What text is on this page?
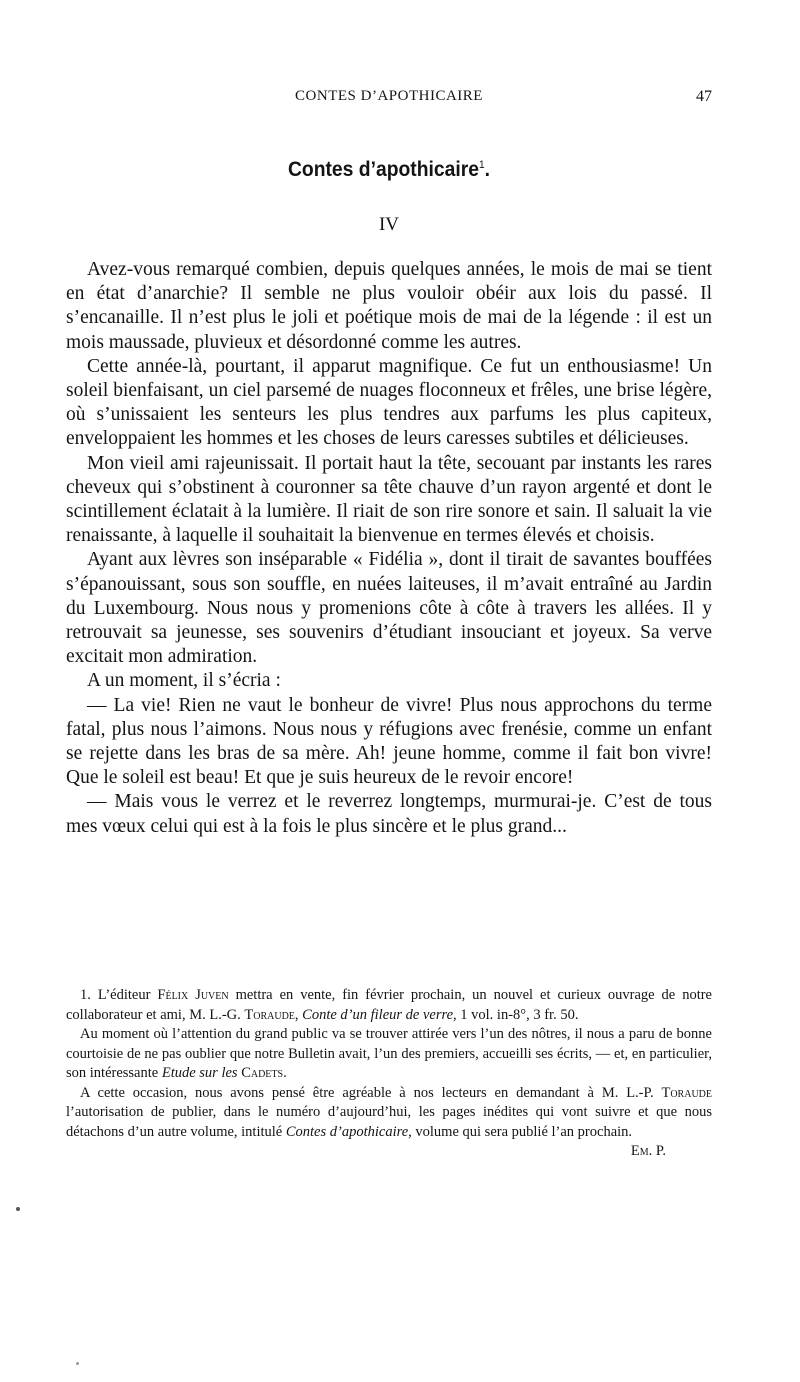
CONTES D’APOTHICAIRE	47
Contes d’apothicaire$^1$.
IV

Avez-vous remarqué combien, depuis quelques années, le mois de mai se tient en état d’anarchie? Il semble ne plus vouloir obéir aux lois du passé. Il s’encanaille. Il n’est plus le joli et poétique mois de mai de la légende : il est un mois maussade, pluvieux et désordonné comme les autres.

Cette année-là, pourtant, il apparut magnifique. Ce fut un enthousiasme! Un soleil bienfaisant, un ciel parsemé de nuages floconneux et frêles, une brise légère, où s’unissaient les senteurs les plus tendres aux parfums les plus capiteux, enveloppaient les hommes et les choses de leurs caresses subtiles et délicieuses.

Mon vieil ami rajeunissait. Il portait haut la tête, secouant par instants les rares cheveux qui s’obstinent à couronner sa tête chauve d’un rayon argenté et dont le scintillement éclatait à la lumière. Il riait de son rire sonore et sain. Il saluait la vie renaissante, à laquelle il souhaitait la bienvenue en termes élevés et choisis.

Ayant aux lèvres son inséparable « Fidélia », dont il tirait de savantes bouffées s’épanouissant, sous son souffle, en nuées laiteuses, il m’avait entraîné au Jardin du Luxembourg. Nous nous y promenions côte à côte à travers les allées. Il y retrouvait sa jeunesse, ses souvenirs d’étudiant insouciant et joyeux. Sa verve excitait mon admiration.

A un moment, il s’écria :

— La vie! Rien ne vaut le bonheur de vivre! Plus nous approchons du terme fatal, plus nous l’aimons. Nous nous y réfugions avec frenésie, comme un enfant se rejette dans les bras de sa mère. Ah! jeune homme, comme il fait bon vivre! Que le soleil est beau! Et que je suis heureux de le revoir encore!

— Mais vous le verrez et le reverrez longtemps, murmurai-je. C’est de tous mes vœux celui qui est à la fois le plus sincère et le plus grand...

1. L’éditeur Félix Juven mettra en vente, fin février prochain, un nouvel et curieux ouvrage de notre collaborateur et ami, M. L.-G. Toraude, Conte d’un fileur de verre, 1 vol. in-8°, 3 fr. 50.

Au moment où l’attention du grand public va se trouver attirée vers l’un des nôtres, il nous a paru de bonne courtoisie de ne pas oublier que notre Bulletin avait, l’un des premiers, accueilli ses écrits, — et, en particulier, son intéressante Etude sur les Cadets.

A cette occasion, nous avons pensé être agréable à nos lecteurs en demandant à M. L.-P. Toraude l’autorisation de publier, dans le numéro d’aujourd’hui, les pages inédites qui vont suivre et que nous détachons d’un autre volume, intitulé Contes d’apothicaire, volume qui sera publié l’an prochain.
Em. P.
